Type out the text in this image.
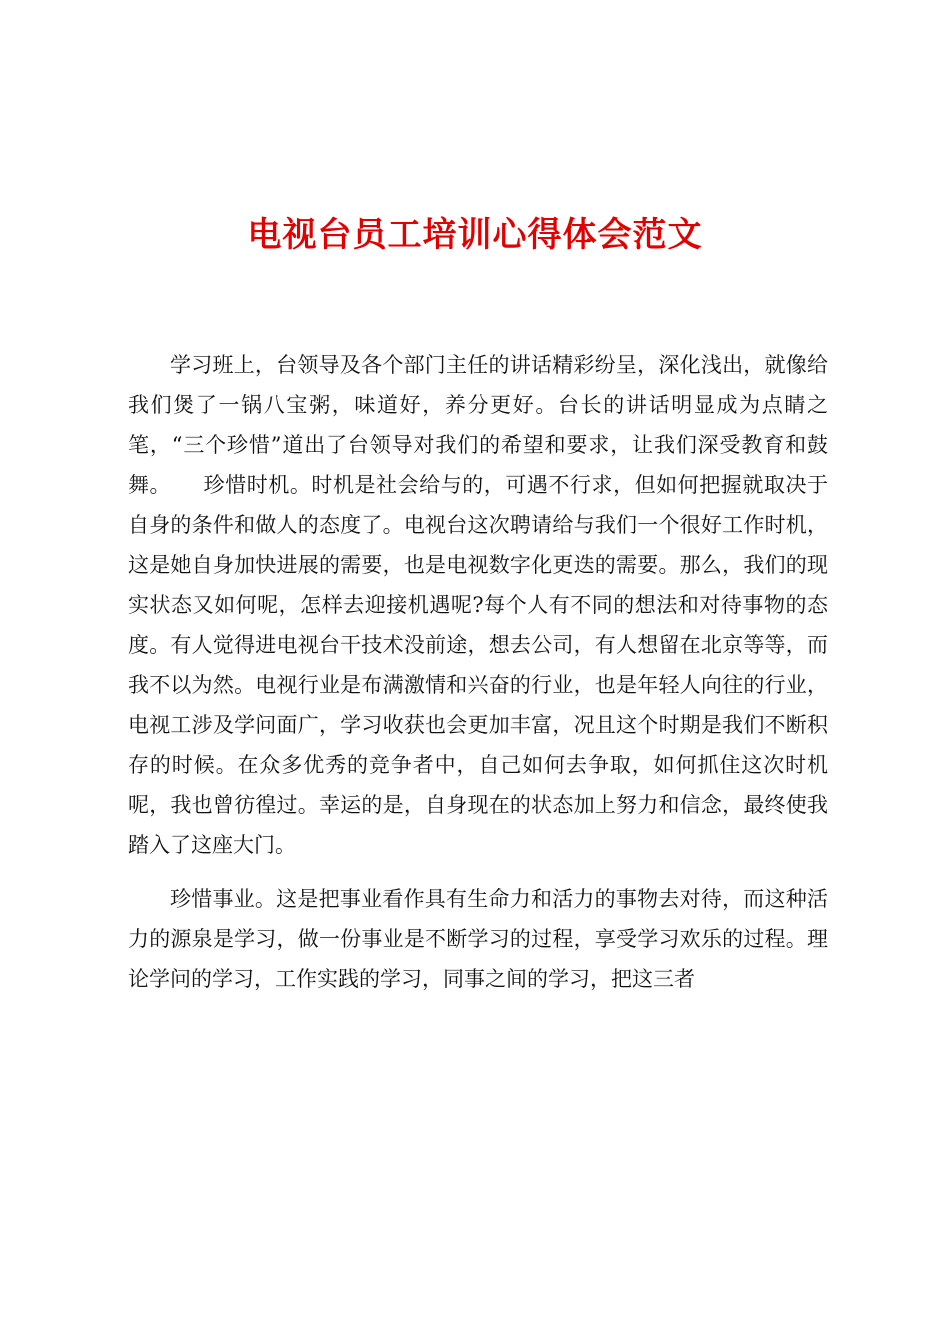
电视台员工培训心得体会范文

学习班上，台领导及各个部门主任的讲话精彩纷呈，深化浅出，就像给我们煲了一锅八宝粥，味道好，养分更好。台长的讲话明显成为点睛之笔，“三个珍惜”道出了台领导对我们的希望和要求，让我们深受教育和鼓舞。　　珍惜时机。时机是社会给与的，可遇不行求，但如何把握就取决于自身的条件和做人的态度了。电视台这次聘请给与我们一个很好工作时机，这是她自身加快进展的需要，也是电视数字化更迭的需要。那么，我们的现实状态又如何呢，怎样去迎接机遇呢?每个人有不同的想法和对待事物的态度。有人觉得进电视台干技术没前途，想去公司，有人想留在北京等等，而我不以为然。电视行业是布满激情和兴奋的行业，也是年轻人向往的行业，电视工涉及学问面广，学习收获也会更加丰富，况且这个时期是我们不断积存的时候。在众多优秀的竞争者中，自己如何去争取，如何抓住这次时机呢，我也曾彷徨过。幸运的是，自身现在的状态加上努力和信念，最终使我踏入了这座大门。

珍惜事业。这是把事业看作具有生命力和活力的事物去对待，而这种活力的源泉是学习，做一份事业是不断学习的过程，享受学习欢乐的过程。理论学问的学习，工作实践的学习，同事之间的学习，把这三者
